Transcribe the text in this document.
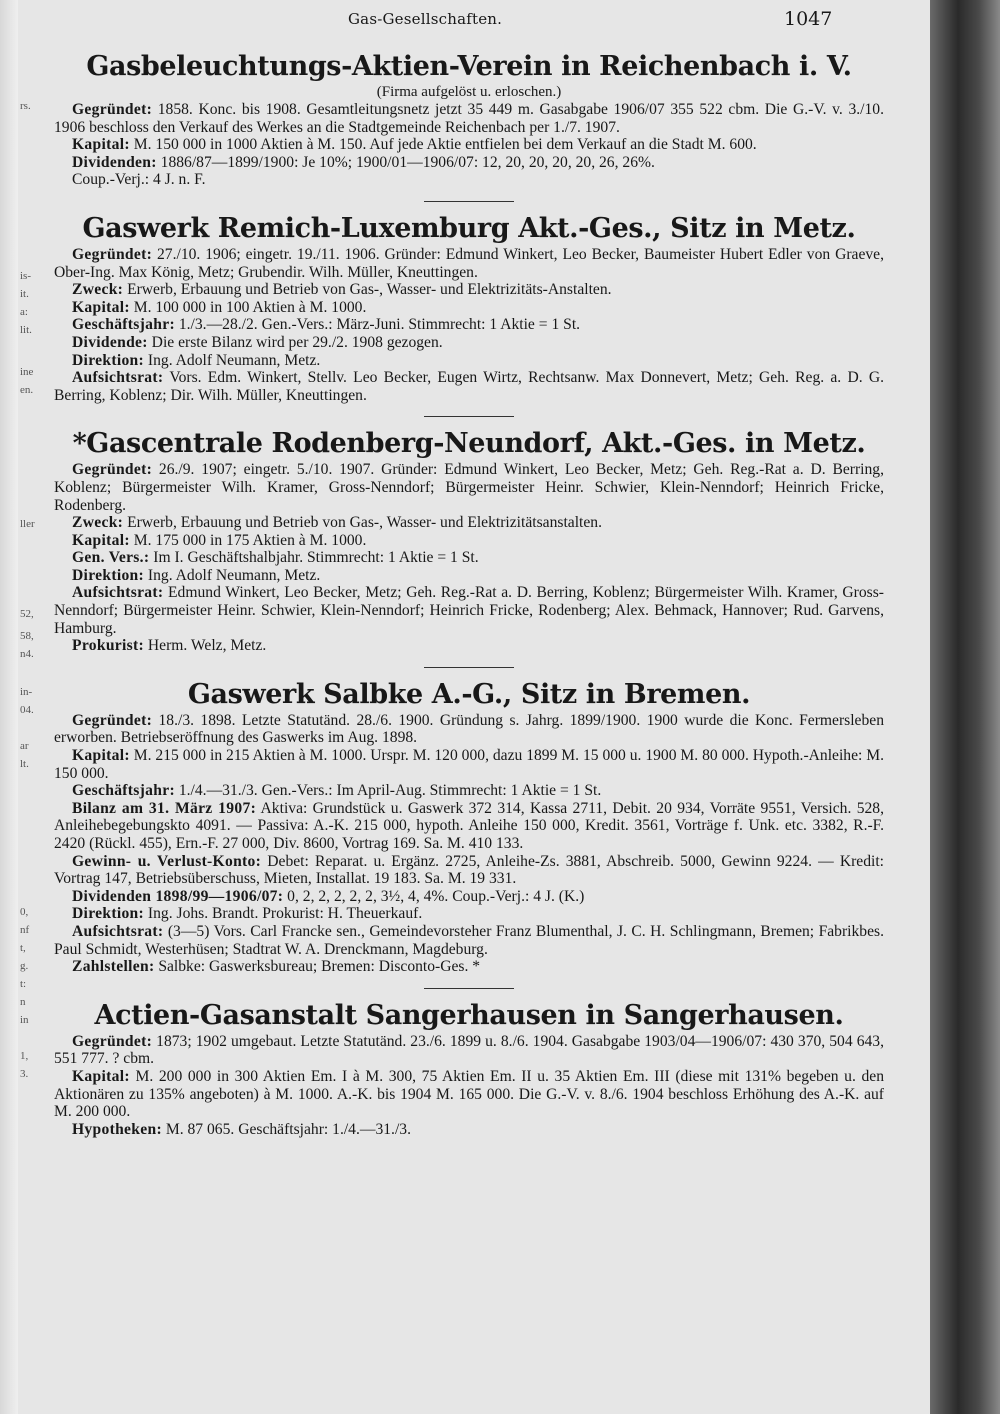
rs.
is-
it.
a:
lit.
ine
en.
ller
52,
58,
n4.
in-
04.
ar
lt.
0,
nf
t,
g.
t:
n
in
1,
3.
Gas-Gesellschaften.	1047
Gasbeleuchtungs-Aktien-Verein in Reichenbach i. V.
(Firma aufgelöst u. erloschen.)

Gegründet: 1858. Konc. bis 1908. Gesamtleitungsnetz jetzt 35 449 m. Gasabgabe 1906/07 355 522 cbm. Die G.-V. v. 3./10. 1906 beschloss den Verkauf des Werkes an die Stadtgemeinde Reichenbach per 1./7. 1907.

Kapital: M. 150 000 in 1000 Aktien à M. 150. Auf jede Aktie entfielen bei dem Verkauf an die Stadt M. 600.

Dividenden: 1886/87—1899/1900: Je 10%; 1900/01—1906/07: 12, 20, 20, 20, 20, 26, 26%.

Coup.-Verj.: 4 J. n. F.

Gaswerk Remich-Luxemburg Akt.-Ges., Sitz in Metz.

Gegründet: 27./10. 1906; eingetr. 19./11. 1906. Gründer: Edmund Winkert, Leo Becker, Baumeister Hubert Edler von Graeve, Ober-Ing. Max König, Metz; Grubendir. Wilh. Müller, Kneuttingen.

Zweck: Erwerb, Erbauung und Betrieb von Gas-, Wasser- und Elektrizitäts-Anstalten.

Kapital: M. 100 000 in 100 Aktien à M. 1000.

Geschäftsjahr: 1./3.—28./2. Gen.-Vers.: März-Juni. Stimmrecht: 1 Aktie = 1 St.

Dividende: Die erste Bilanz wird per 29./2. 1908 gezogen.

Direktion: Ing. Adolf Neumann, Metz.

Aufsichtsrat: Vors. Edm. Winkert, Stellv. Leo Becker, Eugen Wirtz, Rechtsanw. Max Donnevert, Metz; Geh. Reg. a. D. G. Berring, Koblenz; Dir. Wilh. Müller, Kneuttingen.

*Gascentrale Rodenberg-Neundorf, Akt.-Ges. in Metz.

Gegründet: 26./9. 1907; eingetr. 5./10. 1907. Gründer: Edmund Winkert, Leo Becker, Metz; Geh. Reg.-Rat a. D. Berring, Koblenz; Bürgermeister Wilh. Kramer, Gross-Nenndorf; Bürgermeister Heinr. Schwier, Klein-Nenndorf; Heinrich Fricke, Rodenberg.

Zweck: Erwerb, Erbauung und Betrieb von Gas-, Wasser- und Elektrizitätsanstalten.

Kapital: M. 175 000 in 175 Aktien à M. 1000.

Gen. Vers.: Im I. Geschäftshalbjahr. Stimmrecht: 1 Aktie = 1 St.

Direktion: Ing. Adolf Neumann, Metz.

Aufsichtsrat: Edmund Winkert, Leo Becker, Metz; Geh. Reg.-Rat a. D. Berring, Koblenz; Bürgermeister Wilh. Kramer, Gross-Nenndorf; Bürgermeister Heinr. Schwier, Klein-Nenndorf; Heinrich Fricke, Rodenberg; Alex. Behmack, Hannover; Rud. Garvens, Hamburg.

Prokurist: Herm. Welz, Metz.

Gaswerk Salbke A.-G., Sitz in Bremen.

Gegründet: 18./3. 1898. Letzte Statutänd. 28./6. 1900. Gründung s. Jahrg. 1899/1900. 1900 wurde die Konc. Fermersleben erworben. Betriebseröffnung des Gaswerks im Aug. 1898.

Kapital: M. 215 000 in 215 Aktien à M. 1000. Urspr. M. 120 000, dazu 1899 M. 15 000 u. 1900 M. 80 000. Hypoth.-Anleihe: M. 150 000.

Geschäftsjahr: 1./4.—31./3. Gen.-Vers.: Im April-Aug. Stimmrecht: 1 Aktie = 1 St.

Bilanz am 31. März 1907: Aktiva: Grundstück u. Gaswerk 372 314, Kassa 2711, Debit. 20 934, Vorräte 9551, Versich. 528, Anleihebegebungskto 4091. — Passiva: A.-K. 215 000, hypoth. Anleihe 150 000, Kredit. 3561, Vorträge f. Unk. etc. 3382, R.-F. 2420 (Rückl. 455), Ern.-F. 27 000, Div. 8600, Vortrag 169. Sa. M. 410 133.

Gewinn- u. Verlust-Konto: Debet: Reparat. u. Ergänz. 2725, Anleihe-Zs. 3881, Abschreib. 5000, Gewinn 9224. — Kredit: Vortrag 147, Betriebsüberschuss, Mieten, Installat. 19 183. Sa. M. 19 331.

Dividenden 1898/99—1906/07: 0, 2, 2, 2, 2, 2, 3½, 4, 4%. Coup.-Verj.: 4 J. (K.)

Direktion: Ing. Johs. Brandt. Prokurist: H. Theuerkauf.

Aufsichtsrat: (3—5) Vors. Carl Francke sen., Gemeindevorsteher Franz Blumenthal, J. C. H. Schlingmann, Bremen; Fabrikbes. Paul Schmidt, Westerhüsen; Stadtrat W. A. Drenckmann, Magdeburg.

Zahlstellen: Salbke: Gaswerksbureau; Bremen: Disconto-Ges. *

Actien-Gasanstalt Sangerhausen in Sangerhausen.

Gegründet: 1873; 1902 umgebaut. Letzte Statutänd. 23./6. 1899 u. 8./6. 1904. Gasabgabe 1903/04—1906/07: 430 370, 504 643, 551 777. ? cbm.

Kapital: M. 200 000 in 300 Aktien Em. I à M. 300, 75 Aktien Em. II u. 35 Aktien Em. III (diese mit 131% begeben u. den Aktionären zu 135% angeboten) à M. 1000. A.-K. bis 1904 M. 165 000. Die G.-V. v. 8./6. 1904 beschloss Erhöhung des A.-K. auf M. 200 000.

Hypotheken: M. 87 065. Geschäftsjahr: 1./4.—31./3.
